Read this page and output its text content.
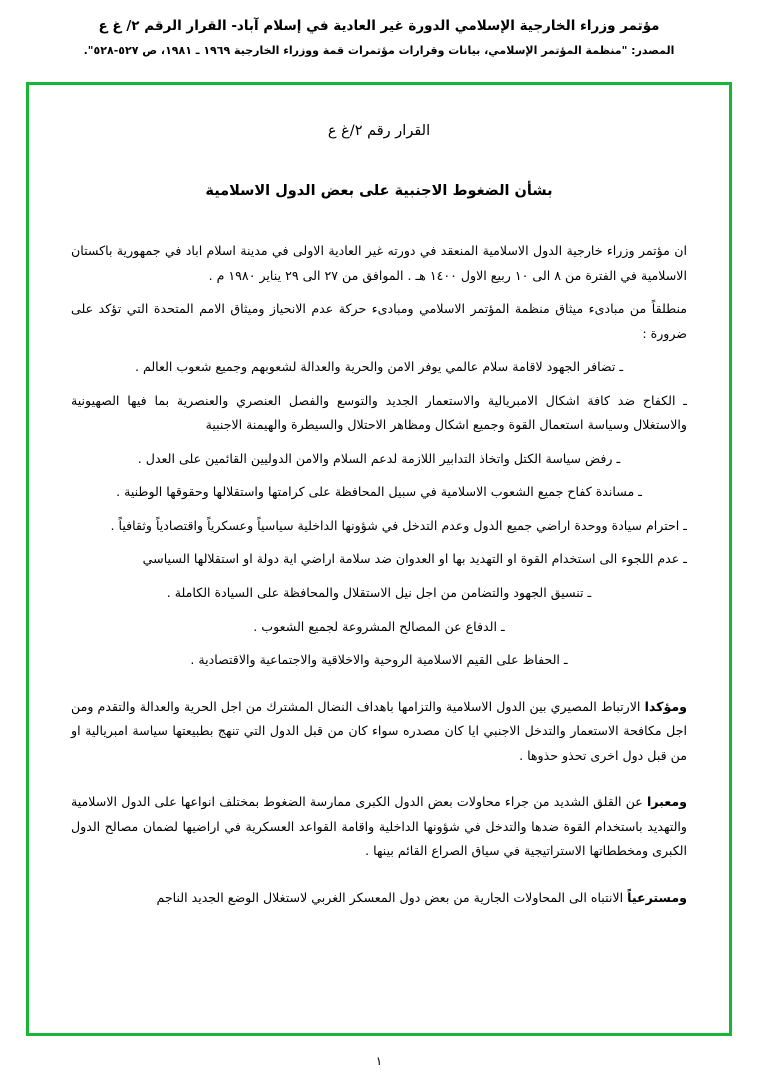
مؤتمر وزراء الخارجية الإسلامي الدورة غير العادية في إسلام آباد- القرار الرقم ٢/ غ ع
المصدر: "منظمة المؤتمر الإسلامي، بيانات وقرارات مؤتمرات قمة ووزراء الخارجية ١٩٦٩ ـ ١٩٨١، ص ٥٢٧-٥٢٨".
القرار رقم ٢/غ ع
بشأن الضغوط الاجنبية على بعض الدول الاسلامية

ان مؤتمر وزراء خارجية الدول الاسلامية المنعقد في دورته غير العادية الاولى في مدينة اسلام اباد في جمهورية باكستان الاسلامية في الفترة من ٨ الى ١٠ ربيع الاول ١٤٠٠ هـ . الموافق من ٢٧ الى ٢٩ يناير ١٩٨٠ م .

منطلقاً من مبادىء ميثاق منظمة المؤتمر الاسلامي ومبادىء حركة عدم الانحياز وميثاق الامم المتحدة التي تؤكد على ضرورة :

ـ تضافر الجهود لاقامة سلام عالمي يوفر الامن والحرية والعدالة لشعوبهم وجميع شعوب العالم .

ـ الكفاح ضد كافة اشكال الامبريالية والاستعمار الجديد والتوسع والفصل العنصري والعنصرية بما فيها الصهيونية والاستغلال وسياسة استعمال القوة وجميع اشكال ومظاهر الاحتلال والسيطرة والهيمنة الاجنبية

ـ رفض سياسة الكتل واتخاذ التدابير اللازمة لدعم السلام والامن الدوليين القائمين على العدل .

ـ مساندة كفاح جميع الشعوب الاسلامية في سبيل المحافظة على كرامتها واستقلالها وحقوقها الوطنية .

ـ احترام سيادة ووحدة اراضي جميع الدول وعدم التدخل في شؤونها الداخلية سياسياً وعسكرياً واقتصادياً وثقافياً .

ـ عدم اللجوء الى استخدام القوة او التهديد بها او العدوان ضد سلامة اراضي اية دولة او استقلالها السياسي

ـ تنسيق الجهود والتضامن من اجل نيل الاستقلال والمحافظة على السيادة الكاملة .

ـ الدفاع عن المصالح المشروعة لجميع الشعوب .

ـ الحفاظ على القيم الاسلامية الروحية والاخلاقية والاجتماعية والاقتصادية .

ومؤكدا الارتباط المصيري بين الدول الاسلامية والتزامها باهداف النضال المشترك من اجل الحرية والعدالة والتقدم ومن اجل مكافحة الاستعمار والتدخل الاجنبي ايا كان مصدره سواء كان من قبل الدول التي تنهج بطبيعتها سياسة امبريالية او من قبل دول اخرى تحذو حذوها .

ومعبرا عن القلق الشديد من جراء محاولات بعض الدول الكبرى ممارسة الضغوط بمختلف انواعها على الدول الاسلامية والتهديد باستخدام القوة ضدها والتدخل في شؤونها الداخلية واقامة القواعد العسكرية في اراضيها لضمان مصالح الدول الكبرى ومخططاتها الاستراتيجية في سياق الصراع القائم بينها .

ومسترعياً الانتباه الى المحاولات الجارية من بعض دول المعسكر الغربي لاستغلال الوضع الجديد الناجم

١
